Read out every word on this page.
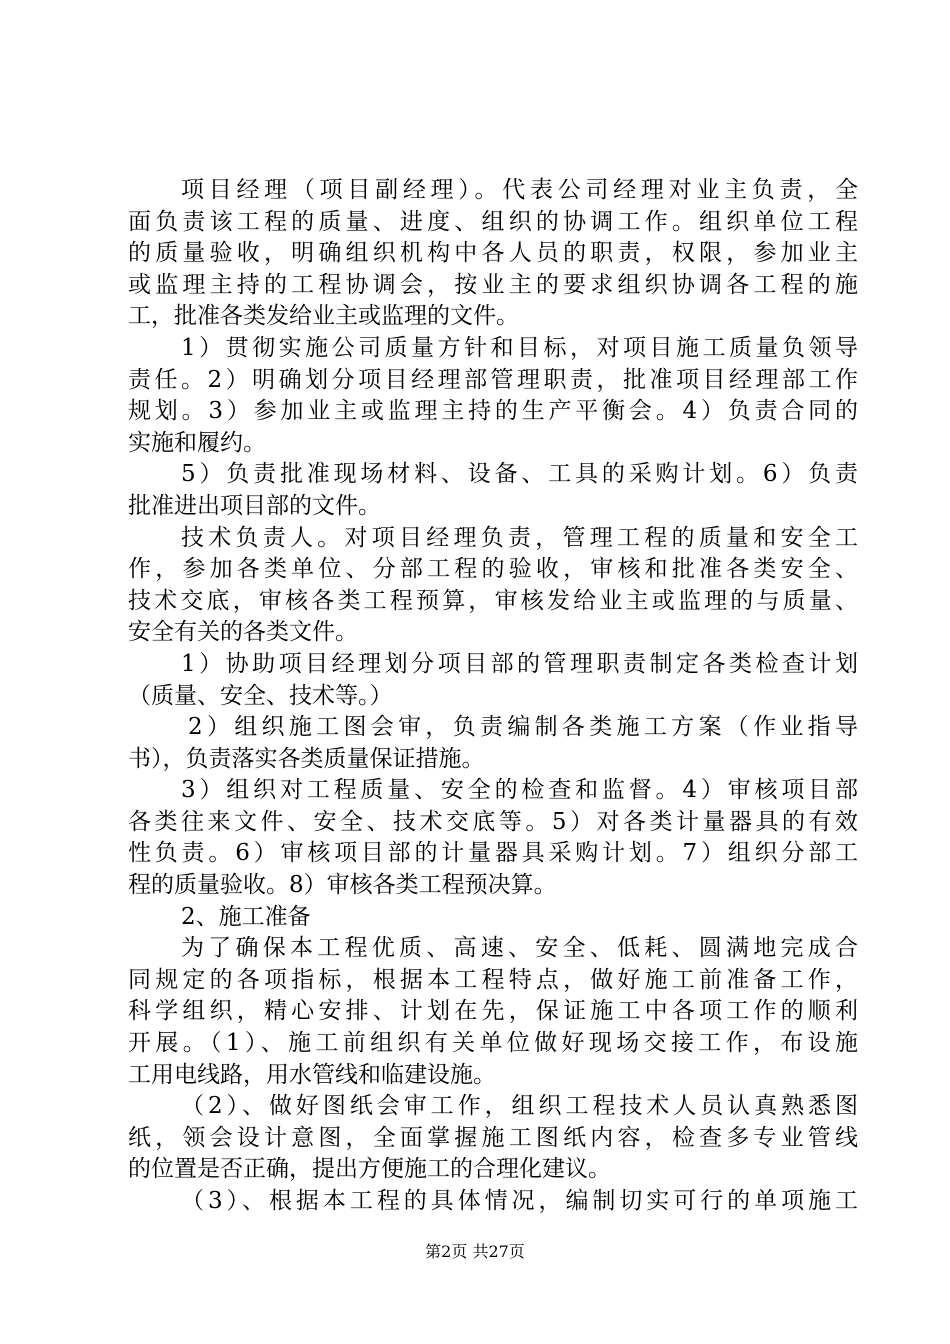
项目经理（项目副经理）。代表公司经理对业主负责，全
面负责该工程的质量、进度、组织的协调工作。组织单位工程
的质量验收，明确组织机构中各人员的职责，权限，参加业主
或监理主持的工程协调会，按业主的要求组织协调各工程的施
工，批准各类发给业主或监理的文件。
1）贯彻实施公司质量方针和目标，对项目施工质量负领导
责任。2）明确划分项目经理部管理职责，批准项目经理部工作
规划。3）参加业主或监理主持的生产平衡会。4）负责合同的
实施和履约。
5）负责批准现场材料、设备、工具的采购计划。6）负责
批准进出项目部的文件。
技术负责人。对项目经理负责，管理工程的质量和安全工
作，参加各类单位、分部工程的验收，审核和批准各类安全、
技术交底，审核各类工程预算，审核发给业主或监理的与质量、
安全有关的各类文件。
1）协助项目经理划分项目部的管理职责制定各类检查计划
（质量、安全、技术等。）
2）组织施工图会审，负责编制各类施工方案（作业指导
书），负责落实各类质量保证措施。
3）组织对工程质量、安全的检查和监督。4）审核项目部
各类往来文件、安全、技术交底等。5）对各类计量器具的有效
性负责。6）审核项目部的计量器具采购计划。7）组织分部工
程的质量验收。8）审核各类工程预决算。
2、施工准备
为了确保本工程优质、高速、安全、低耗、圆满地完成合
同规定的各项指标，根据本工程特点，做好施工前准备工作，
科学组织，精心安排、计划在先，保证施工中各项工作的顺利
开展。（1）、施工前组织有关单位做好现场交接工作，布设施
工用电线路，用水管线和临建设施。
（2）、做好图纸会审工作，组织工程技术人员认真熟悉图
纸，领会设计意图，全面掌握施工图纸内容，检查多专业管线
的位置是否正确，提出方便施工的合理化建议。
（3）、根据本工程的具体情况，编制切实可行的单项施工
第2页 共27页
